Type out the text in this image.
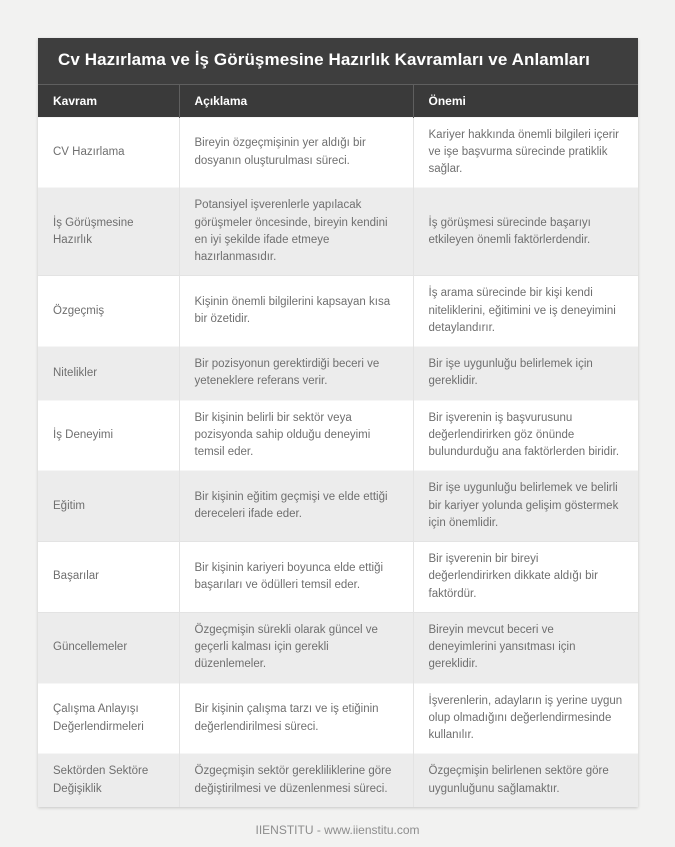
Cv Hazırlama ve İş Görüşmesine Hazırlık Kavramları ve Anlamları
Kavram	Açıklama	Önemi
CV Hazırlama	Bireyin özgeçmişinin yer aldığı bir dosyanın oluşturulması süreci.	Kariyer hakkında önemli bilgileri içerir ve işe başvurma sürecinde pratiklik sağlar.
İş Görüşmesine Hazırlık	Potansiyel işverenlerle yapılacak görüşmeler öncesinde, bireyin kendini en iyi şekilde ifade etmeye hazırlanmasıdır.	İş görüşmesi sürecinde başarıyı etkileyen önemli faktörlerdendir.
Özgeçmiş	Kişinin önemli bilgilerini kapsayan kısa bir özetidir.	İş arama sürecinde bir kişi kendi niteliklerini, eğitimini ve iş deneyimini detaylandırır.
Nitelikler	Bir pozisyonun gerektirdiği beceri ve yeteneklere referans verir.	Bir işe uygunluğu belirlemek için gereklidir.
İş Deneyimi	Bir kişinin belirli bir sektör veya pozisyonda sahip olduğu deneyimi temsil eder.	Bir işverenin iş başvurusunu değerlendirirken göz önünde bulundurduğu ana faktörlerden biridir.
Eğitim	Bir kişinin eğitim geçmişi ve elde ettiği dereceleri ifade eder.	Bir işe uygunluğu belirlemek ve belirli bir kariyer yolunda gelişim göstermek için önemlidir.
Başarılar	Bir kişinin kariyeri boyunca elde ettiği başarıları ve ödülleri temsil eder.	Bir işverenin bir bireyi değerlendirirken dikkate aldığı bir faktördür.
Güncellemeler	Özgeçmişin sürekli olarak güncel ve geçerli kalması için gerekli düzenlemeler.	Bireyin mevcut beceri ve deneyimlerini yansıtması için gereklidir.
Çalışma Anlayışı Değerlendirmeleri	Bir kişinin çalışma tarzı ve iş etiğinin değerlendirilmesi süreci.	İşverenlerin, adayların iş yerine uygun olup olmadığını değerlendirmesinde kullanılır.
Sektörden Sektöre Değişiklik	Özgeçmişin sektör gerekliliklerine göre değiştirilmesi ve düzenlenmesi süreci.	Özgeçmişin belirlenen sektöre göre uygunluğunu sağlamaktır.
IIENSTITU - www.iienstitu.com
